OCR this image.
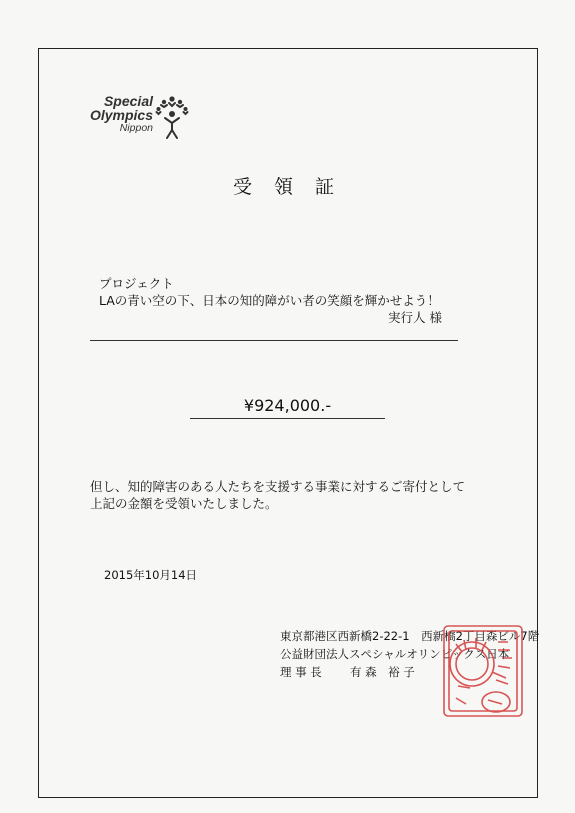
Special
Olympics
Nippon
受 領 証
プロジェクト
LAの青い空の下、日本の知的障がい者の笑顔を輝かせよう！
実行人 様
¥924,000.-
但し、知的障害のある人たちを支援する事業に対するご寄付として
上記の金額を受領いたしました。
2015年10月14日
東京都港区西新橋2-22-1　西新橋2丁目森ビル7階
公益財団法人スペシャルオリンピックス日本
理 事 長 有 森　裕 子
